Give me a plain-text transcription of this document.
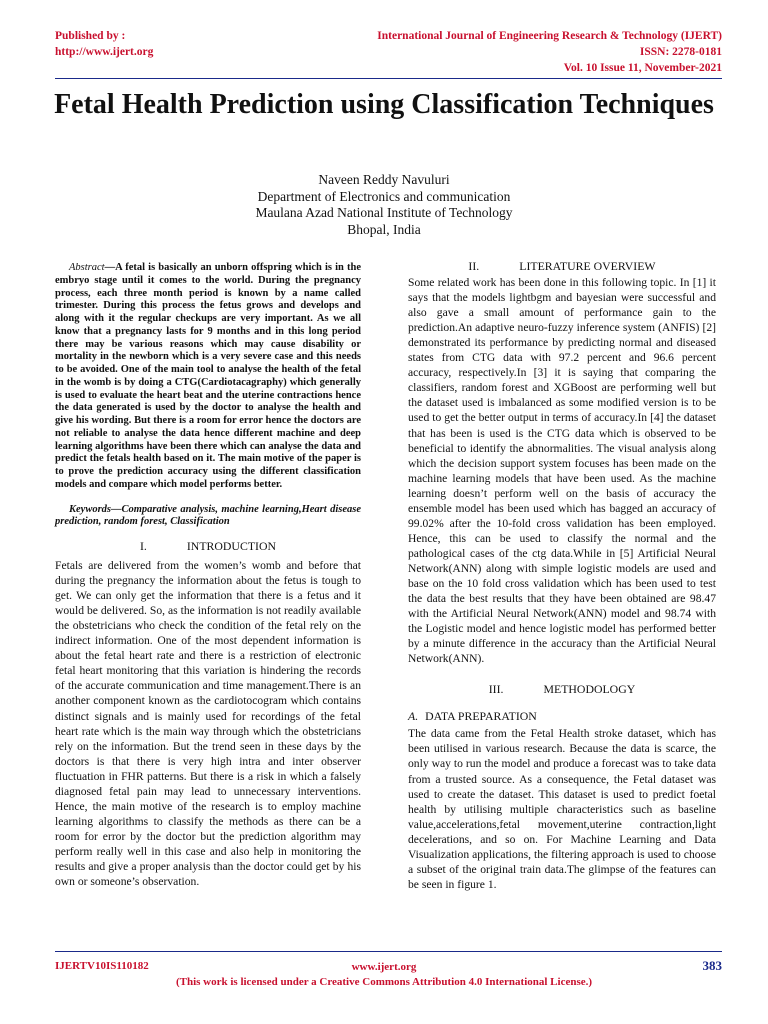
Published by :
http://www.ijert.org
International Journal of Engineering Research & Technology (IJERT)
ISSN: 2278-0181
Vol. 10 Issue 11, November-2021
Fetal Health Prediction using Classification Techniques
Naveen Reddy Navuluri
Department of Electronics and communication
Maulana Azad National Institute of Technology
Bhopal, India

Abstract—A fetal is basically an unborn offspring which is in the embryo stage until it comes to the world. During the pregnancy process, each three month period is known by a name called trimester. During this process the fetus grows and develops and along with it the regular checkups are very important. As we all know that a pregnancy lasts for 9 months and in this long period there may be various reasons which may cause disability or mortality in the newborn which is a very severe case and this needs to be avoided. One of the main tool to analyse the health of the fetal in the womb is by doing a CTG(Cardiotacagraphy) which generally is used to evaluate the heart beat and the uterine contractions hence the data generated is used by the doctor to analyse the health and give his wording. But there is a room for error hence the doctors are not reliable to analyse the data hence different machine and deep learning algorithms have been there which can analyse the data and predict the fetals health based on it. The main motive of the paper is to prove the prediction accuracy using the different classification models and compare which model performs better.

Keywords—Comparative analysis, machine learning,Heart disease prediction, random forest, Classification

I.	INTRODUCTION

Fetals are delivered from the women’s womb and before that during the pregnancy the information about the fetus is tough to get. We can only get the information that there is a fetus and it would be delivered. So, as the information is not readily available the obstetricians who check the condition of the fetal rely on the indirect information. One of the most dependent information is about the fetal heart rate and there is a restriction of electronic fetal heart monitoring that this variation is hindering the records of the accurate communication and time management.There is an another component known as the cardiotocogram which contains distinct signals and is mainly used for recordings of the fetal heart rate which is the main way through which the obstetricians rely on the information. But the trend seen in these days by the doctors is that there is very high intra and inter observer fluctuation in FHR patterns. But there is a risk in which a falsely diagnosed fetal pain may lead to unnecessary interventions. Hence, the main motive of the research is to employ machine learning algorithms to classify the methods as there can be a room for error by the doctor but the prediction algorithm may perform really well in this case and also help in monitoring the results and give a proper analysis than the doctor could get by his own or someone’s observation.

II.	LITERATURE OVERVIEW

Some related work has been done in this following topic. In [1] it says that the models lightbgm and bayesian were successful and also gave a small amount of performance gain to the prediction.An adaptive neuro-fuzzy inference system (ANFIS) [2] demonstrated its performance by predicting normal and diseased states from CTG data with 97.2 percent and 96.6 percent accuracy, respectively.In [3] it is saying that comparing the classifiers, random forest and XGBoost are performing well but the dataset used is imbalanced as some modified version is to be used to get the better output in terms of accuracy.In [4] the dataset that has been is used is the CTG data which is observed to be beneficial to identify the abnormalities. The visual analysis along which the decision support system focuses has been made on the machine learning models that have been used. As the machine learning doesn’t perform well on the basis of accuracy the ensemble model has been used which has bagged an accuracy of 99.02% after the 10-fold cross validation has been employed. Hence, this can be used to classify the normal and the pathological cases of the ctg data.While in [5] Artificial Neural Network(ANN) along with simple logistic models are used and base on the 10 fold cross validation which has been used to test the data the best results that they have been obtained are 98.47 with the Artificial Neural Network(ANN) model and 98.74 with the Logistic model and hence logistic model has performed better by a minute difference in the accuracy than the Artificial Neural Network(ANN).

III.	METHODOLOGY
A. DATA PREPARATION

The data came from the Fetal Health stroke dataset, which has been utilised in various research. Because the data is scarce, the only way to run the model and produce a forecast was to take data from a trusted source. As a consequence, the Fetal dataset was used to create the dataset. This dataset is used to predict foetal health by utilising multiple characteristics such as baseline value,accelerations,fetal movement,uterine contraction,light decelerations, and so on. For Machine Learning and Data Visualization applications, the filtering approach is used to choose a subset of the original train data.The glimpse of the features can be seen in figure 1.

IJERTV10IS110182	www.ijert.org
(This work is licensed under a Creative Commons Attribution 4.0 International License.)
383
